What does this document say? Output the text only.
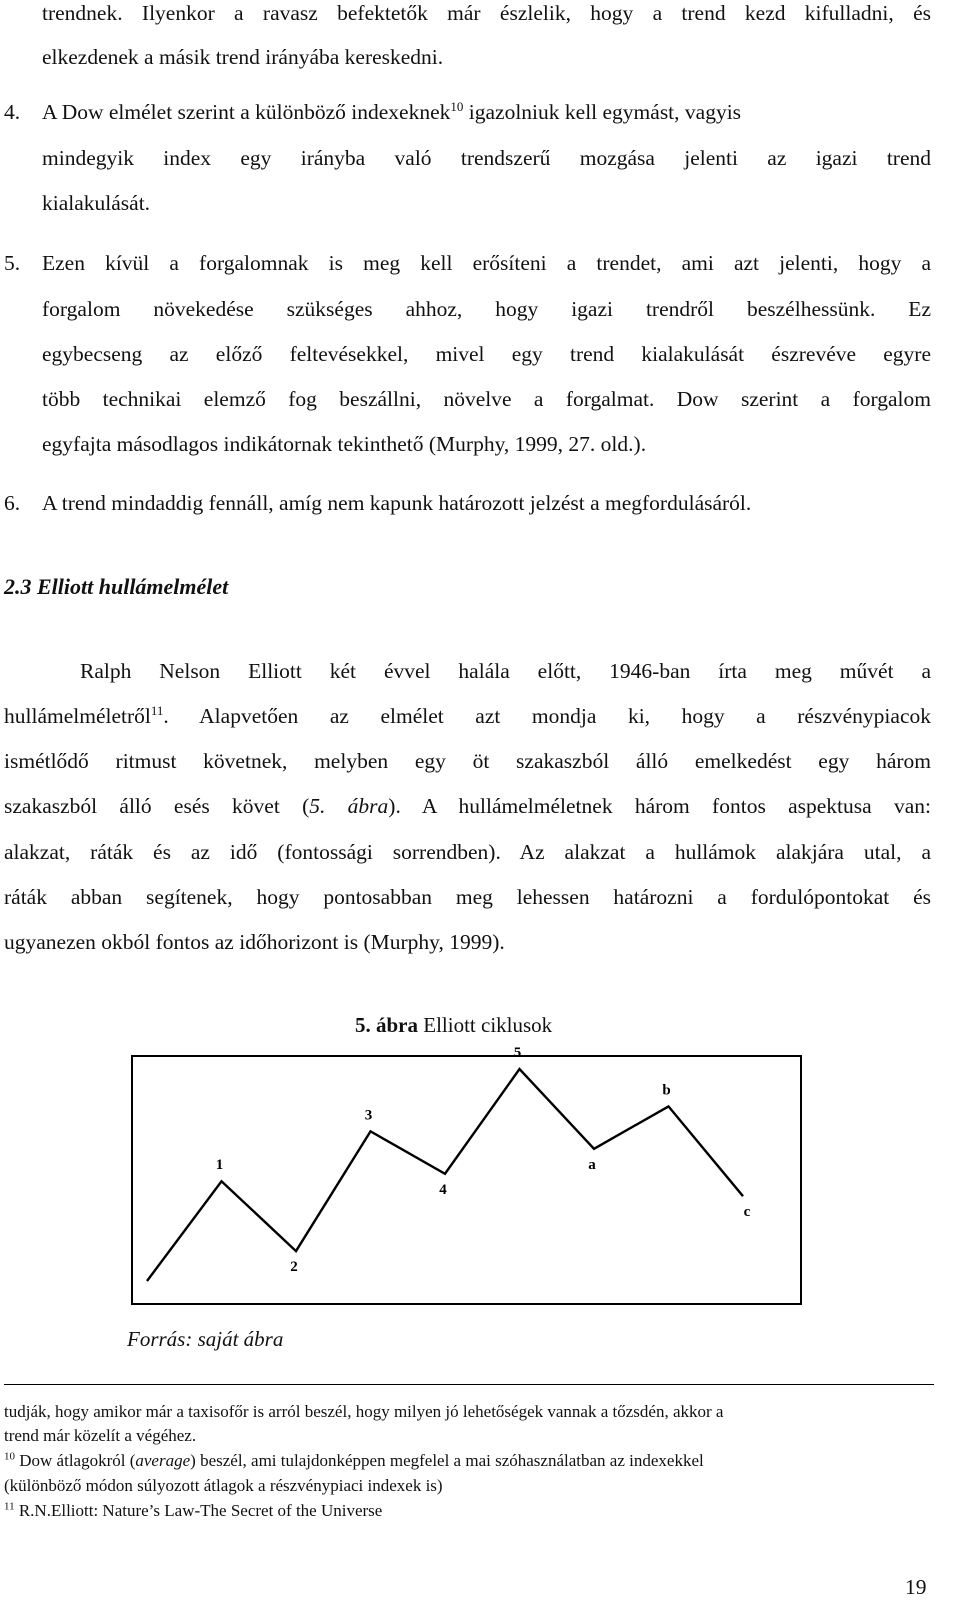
trendnek. Ilyenkor a ravasz befektetők már észlelik, hogy a trend kezd kifulladni, és

elkezdenek a másik trend irányába kereskedni.

4. A Dow elmélet szerint a különböző indexeknek$^{10}$ igazolniuk kell egymást, vagyis

mindegyik index egy irányba való trendszerű mozgása jelenti az igazi trend

kialakulását.

5. Ezen kívül a forgalomnak is meg kell erősíteni a trendet, ami azt jelenti, hogy a

forgalom növekedése szükséges ahhoz, hogy igazi trendről beszélhessünk. Ez

egybecseng az előző feltevésekkel, mivel egy trend kialakulását észrevéve egyre

több technikai elemző fog beszállni, növelve a forgalmat. Dow szerint a forgalom

egyfajta másodlagos indikátornak tekinthető (Murphy, 1999, 27. old.).

6. A trend mindaddig fennáll, amíg nem kapunk határozott jelzést a megfordulásáról.

2.3 Elliott hullámelmélet

Ralph Nelson Elliott két évvel halála előtt, 1946-ban írta meg művét a

hullámelméletről$^{11}$. Alapvetően az elmélet azt mondja ki, hogy a részvénypiacok

ismétlődő ritmust követnek, melyben egy öt szakaszból álló emelkedést egy három

szakaszból álló esés követ (5. ábra). A hullámelméletnek három fontos aspektusa van:

alakzat, ráták és az idő (fontossági sorrendben). Az alakzat a hullámok alakjára utal, a

ráták abban segítenek, hogy pontosabban meg lehessen határozni a fordulópontokat és

ugyanezen okból fontos az időhorizont is (Murphy, 1999).

5. ábra Elliott ciklusok

1
2
3
4
5
a
b
c

Forrás: saját ábra

tudják, hogy amikor már a taxisofőr is arról beszél, hogy milyen jó lehetőségek vannak a tőzsdén, akkor a

trend már közelít a végéhez.

$^{10}$ Dow átlagokról (average) beszél, ami tulajdonképpen megfelel a mai szóhasználatban az indexekkel

(különböző módon súlyozott átlagok a részvénypiaci indexek is)

$^{11}$ R.N.Elliott: Nature’s Law-The Secret of the Universe

19
